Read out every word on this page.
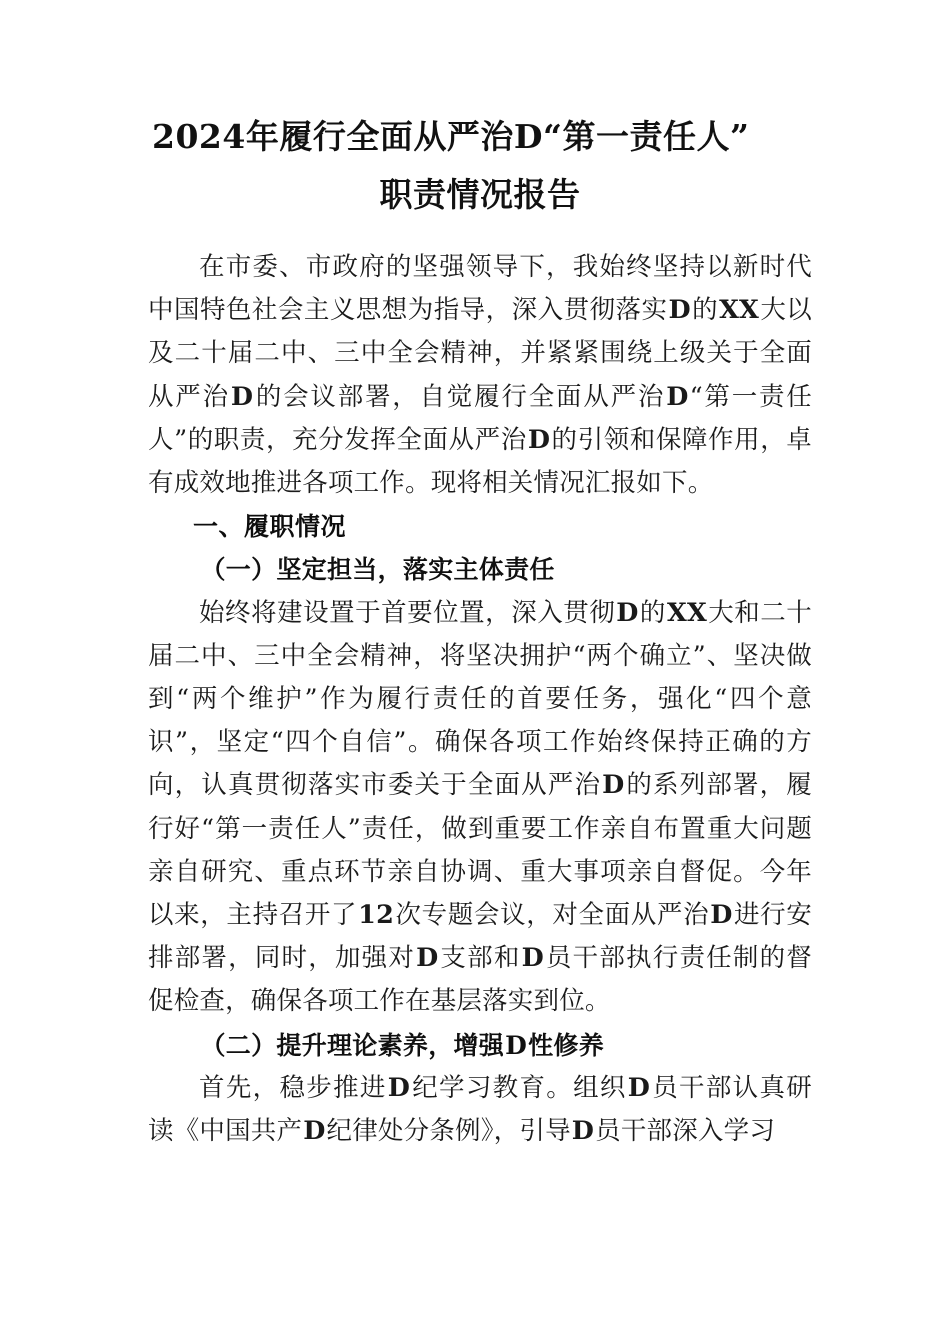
2024年履行全面从严治D“第一责任人”
职责情况报告

在市委、市政府的坚强领导下，我始终坚持以新时代中国特色社会主义思想为指导，深入贯彻落实D的XX大以及二十届二中、三中全会精神，并紧紧围绕上级关于全面从严治D的会议部署，自觉履行全面从严治D“第一责任人”的职责，充分发挥全面从严治D的引领和保障作用，卓有成效地推进各项工作。现将相关情况汇报如下。

一、履职情况
（一）坚定担当，落实主体责任

始终将建设置于首要位置，深入贯彻D的XX大和二十届二中、三中全会精神，将坚决拥护“两个确立”、坚决做到“两个维护”作为履行责任的首要任务，强化“四个意识”，坚定“四个自信”。确保各项工作始终保持正确的方向，认真贯彻落实市委关于全面从严治D的系列部署，履行好“第一责任人”责任，做到重要工作亲自布置重大问题亲自研究、重点环节亲自协调、重大事项亲自督促。今年以来，主持召开了12次专题会议，对全面从严治D进行安排部署，同时，加强对D支部和D员干部执行责任制的督促检查，确保各项工作在基层落实到位。

（二）提升理论素养，增强D性修养

首先，稳步推进D纪学习教育。组织D员干部认真研读《中国共产D纪律处分条例》，引导D员干部深入学习
